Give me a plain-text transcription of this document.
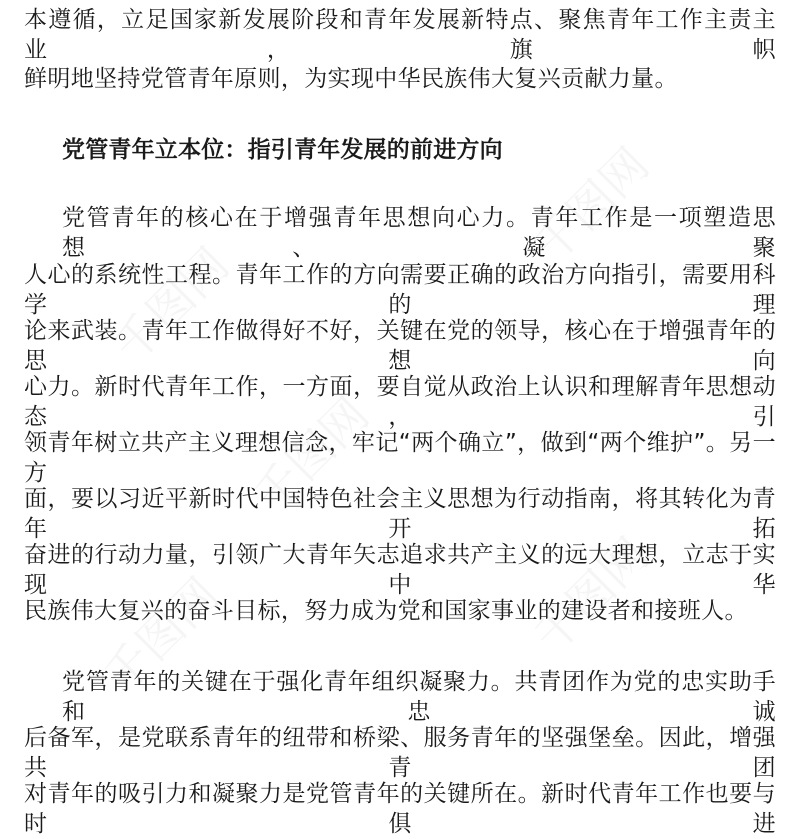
千图网
千图网
千图网
千图网
千图网
本遵循，立足国家新发展阶段和青年发展新特点、聚焦青年工作主责主业，旗帜
鲜明地坚持党管青年原则，为实现中华民族伟大复兴贡献力量。
党管青年立本位：指引青年发展的前进方向
党管青年的核心在于增强青年思想向心力。青年工作是一项塑造思想、凝聚
人心的系统性工程。青年工作的方向需要正确的政治方向指引，需要用科学的理
论来武装。青年工作做得好不好，关键在党的领导，核心在于增强青年的思想向
心力。新时代青年工作，一方面，要自觉从政治上认识和理解青年思想动态，引
领青年树立共产主义理想信念，牢记“两个确立”，做到“两个维护”。另一方
面，要以习近平新时代中国特色社会主义思想为行动指南，将其转化为青年开拓
奋进的行动力量，引领广大青年矢志追求共产主义的远大理想，立志于实现中华
民族伟大复兴的奋斗目标，努力成为党和国家事业的建设者和接班人。
党管青年的关键在于强化青年组织凝聚力。共青团作为党的忠实助手和忠诚
后备军，是党联系青年的纽带和桥梁、服务青年的坚强堡垒。因此，增强共青团
对青年的吸引力和凝聚力是党管青年的关键所在。新时代青年工作也要与时俱进
